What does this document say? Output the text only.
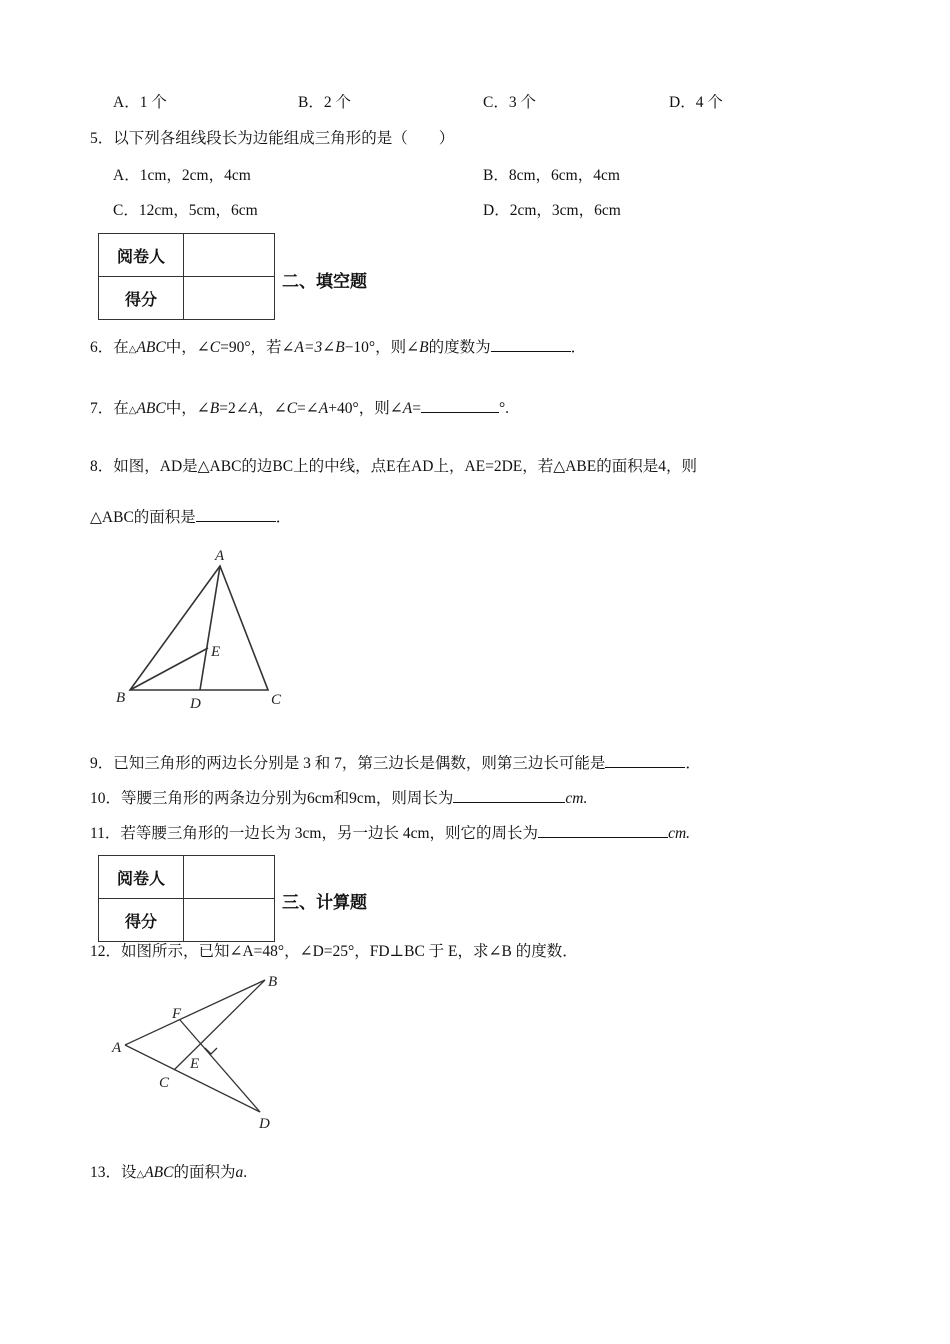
A．1 个	B．2 个	C．3 个	D．4 个
5．以下列各组线段长为边能组成三角形的是（　　）
A．1cm，2cm，4cm	B．8cm，6cm，4cm
C．12cm，5cm，6cm	D．2cm，3cm，6cm
阅卷人	
得分	
二、填空题
6．在△ABC中，∠C=90°，若∠A=3∠B−10°，则∠B的度数为	．
7．在△ABC中，∠B=2∠A，∠C=∠A+40°，则∠A=	°.
8．如图，AD是△ABC的边BC上的中线，点E在AD上，AE=2DE，若△ABE的面积是4，则
△ABC的面积是	．
A
B	C
D
E
A
B
C
D
E
F
9．已知三角形的两边长分别是 3 和 7，第三边长是偶数，则第三边长可能是	．
10．等腰三角形的两条边分别为6cm和9cm，则周长为	cm.
11．若等腰三角形的一边长为 3cm，另一边长 4cm，则它的周长为	cm.
阅卷人	
得分	
三、计算题
12．如图所示，已知∠A=48°，∠D=25°，FD⊥BC 于 E，求∠B 的度数．
13．设△ABC的面积为a.
